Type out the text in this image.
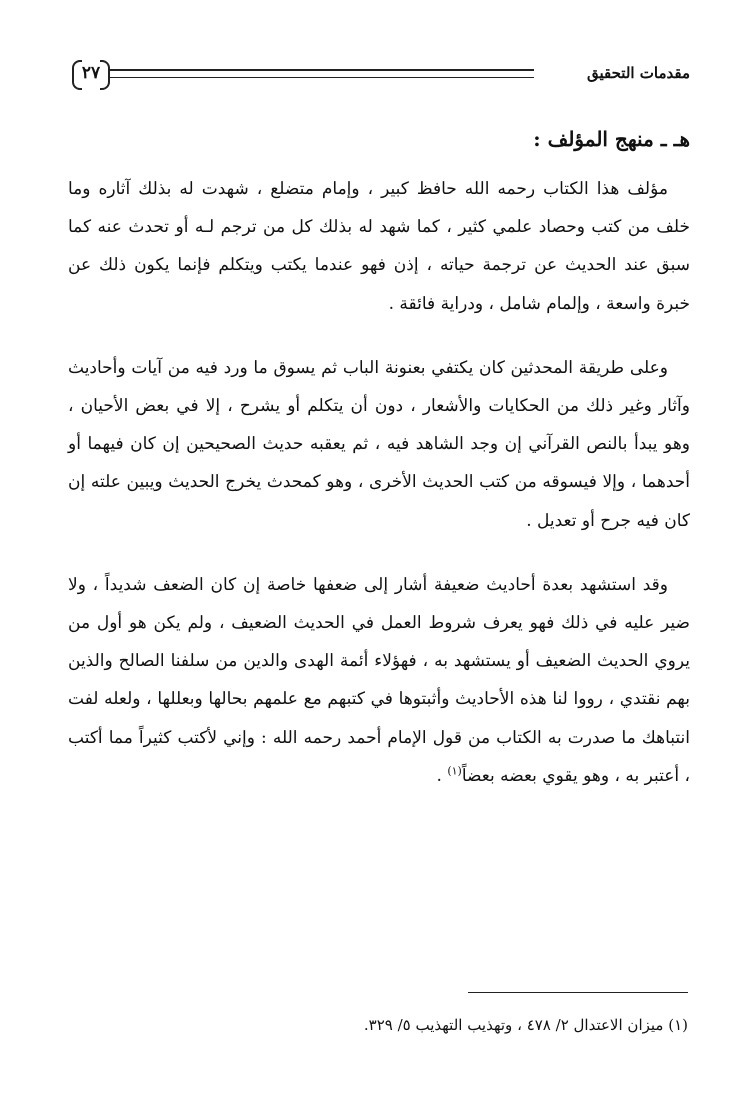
مقدمات التحقيق
٢٧
هـ ـ منهج المؤلف :

مؤلف هذا الكتاب رحمه الله حافظ كبير ، وإمام متضلع ، شهدت له بذلك آثاره وما خلف من كتب وحصاد علمي كثير ، كما شهد له بذلك كل من ترجم لـه أو تحدث عنه كما سبق عند الحديث عن ترجمة حياته ، إذن فهو عندما يكتب ويتكلم فإنما يكون ذلك عن خبرة واسعة ، وإلمام شامل ، ودراية فائقة .

وعلى طريقة المحدثين كان يكتفي بعنونة الباب ثم يسوق ما ورد فيه من آيات وأحاديث وآثار وغير ذلك من الحكايات والأشعار ، دون أن يتكلم أو يشرح ، إلا في بعض الأحيان ، وهو يبدأ بالنص القرآني إن وجد الشاهد فيه ، ثم يعقبه حديث الصحيحين إن كان فيهما أو أحدهما ، وإلا فيسوقه من كتب الحديث الأخرى ، وهو كمحدث يخرج الحديث ويبين علته إن كان فيه جرح أو تعديل .

وقد استشهد بعدة أحاديث ضعيفة أشار إلى ضعفها خاصة إن كان الضعف شديداً ، ولا ضير عليه في ذلك فهو يعرف شروط العمل في الحديث الضعيف ، ولم يكن هو أول من يروي الحديث الضعيف أو يستشهد به ، فهؤلاء أئمة الهدى والدين من سلفنا الصالح والذين بهم نقتدي ، رووا لنا هذه الأحاديث وأثبتوها في كتبهم مع علمهم بحالها وبعللها ، ولعله لفت انتباهك ما صدرت به الكتاب من قول الإمام أحمد رحمه الله : وإني لأكتب كثيراً مما أكتب ، أعتبر به ، وهو يقوي بعضه بعضاً$^{(١)}$ .

(١) ميزان الاعتدال ٢/ ٤٧٨ ، وتهذيب التهذيب ٥/ ٣٢٩.
